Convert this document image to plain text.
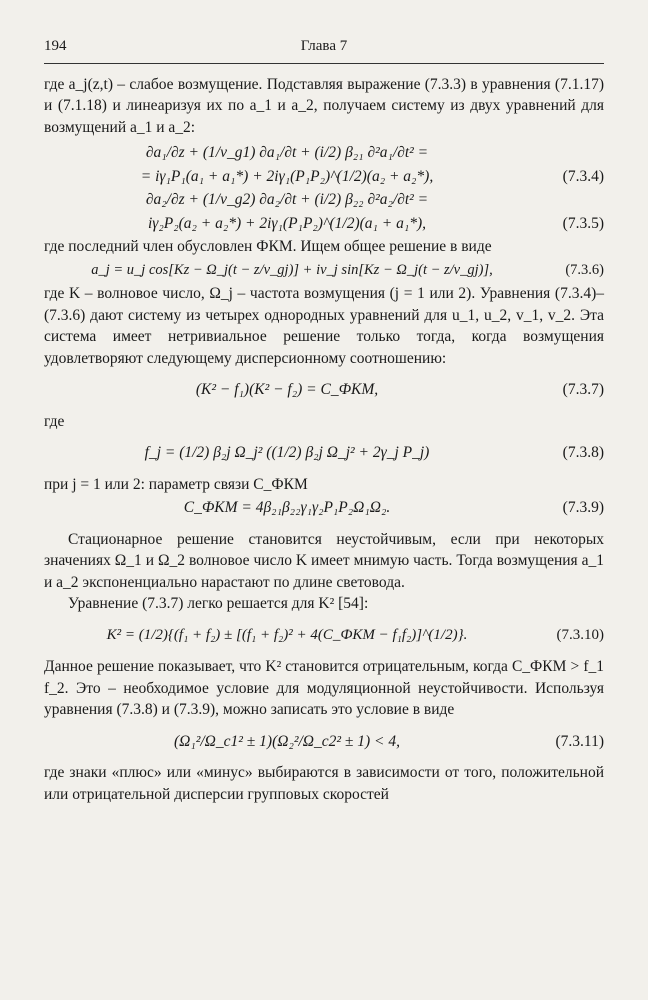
194	Глава 7

где a_j(z,t) – слабое возмущение. Подставляя выражение (7.3.3) в уравнения (7.1.17) и (7.1.18) и линеаризуя их по a_1 и a_2, получаем систему из двух уравнений для возмущений a_1 и a_2:

∂a₁/∂z + (1/v_g1) ∂a₁/∂t + (i/2) β₂₁ ∂²a₁/∂t² =
= iγ₁P₁(a₁ + a₁*) + 2iγ₁(P₁P₂)^(1/2)(a₂ + a₂*),	(7.3.4)
∂a₂/∂z + (1/v_g2) ∂a₂/∂t + (i/2) β₂₂ ∂²a₂/∂t² =
iγ₂P₂(a₂ + a₂*) + 2iγ₁(P₁P₂)^(1/2)(a₁ + a₁*),	(7.3.5)

где последний член обусловлен ФКМ. Ищем общее решение в виде

a_j = u_j cos[Kz − Ω_j(t − z/v_gj)] + iv_j sin[Kz − Ω_j(t − z/v_gj)],	(7.3.6)

где K – волновое число, Ω_j – частота возмущения (j = 1 или 2). Уравнения (7.3.4)–(7.3.6) дают систему из четырех однородных уравнений для u_1, u_2, v_1, v_2. Эта система имеет нетривиальное решение только тогда, когда возмущения удовлетворяют следующему дисперсионному соотношению:

(K² − f₁)(K² − f₂) = C_ФКМ,	(7.3.7)

где

f_j = (1/2) β₂j Ω_j² ((1/2) β₂j Ω_j² + 2γ_j P_j)	(7.3.8)

при j = 1 или 2: параметр связи C_ФКМ

C_ФКМ = 4β₂₁β₂₂γ₁γ₂P₁P₂Ω₁Ω₂.	(7.3.9)

Стационарное решение становится неустойчивым, если при некоторых значениях Ω_1 и Ω_2 волновое число K имеет мнимую часть. Тогда возмущения a_1 и a_2 экспоненциально нарастают по длине световода.

Уравнение (7.3.7) легко решается для K² [54]:

K² = (1/2){(f₁ + f₂) ± [(f₁ + f₂)² + 4(C_ФКМ − f₁f₂)]^(1/2)}.	(7.3.10)

Данное решение показывает, что K² становится отрицательным, когда C_ФКМ > f_1 f_2. Это – необходимое условие для модуляционной неустойчивости. Используя уравнения (7.3.8) и (7.3.9), можно записать это условие в виде

(Ω₁²/Ω_c1² ± 1)(Ω₂²/Ω_c2² ± 1) < 4,	(7.3.11)

где знаки «плюс» или «минус» выбираются в зависимости от того, положительной или отрицательной дисперсии групповых скоростей
